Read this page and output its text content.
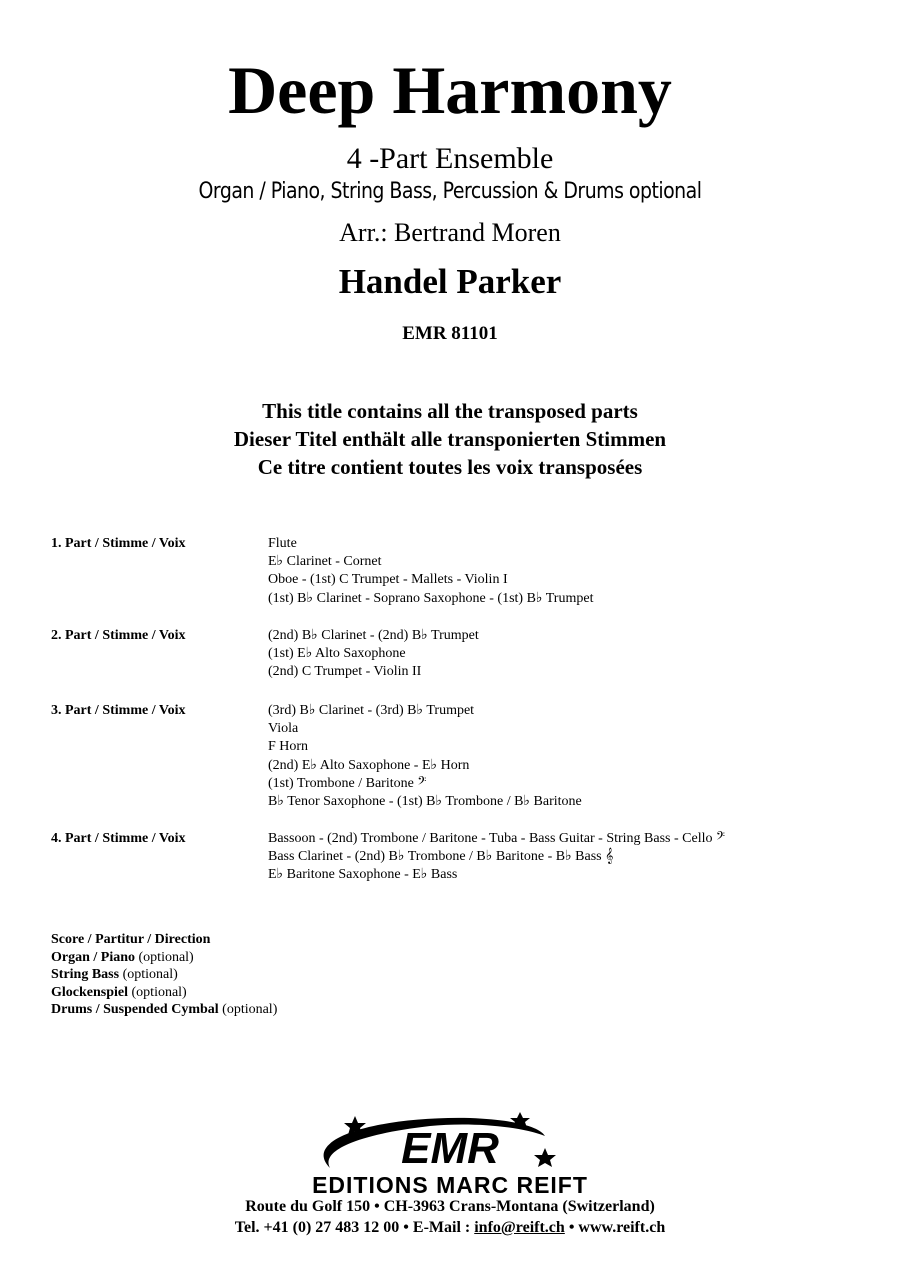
Deep Harmony
4 -Part Ensemble
Organ / Piano, String Bass, Percussion & Drums optional
Arr.: Bertrand Moren
Handel Parker
EMR 81101
This title contains all the transposed parts
Dieser Titel enthält alle transponierten Stimmen
Ce titre contient toutes les voix transposées
1. Part / Stimme / Voix	Flute
E♭ Clarinet - Cornet
Oboe - (1st) C Trumpet - Mallets - Violin I
(1st) B♭ Clarinet - Soprano Saxophone - (1st) B♭ Trumpet
2. Part / Stimme / Voix	(2nd) B♭ Clarinet - (2nd) B♭ Trumpet
(1st) E♭ Alto Saxophone
(2nd) C Trumpet - Violin II
3. Part / Stimme / Voix	(3rd) B♭ Clarinet - (3rd) B♭ Trumpet
Viola
F Horn
(2nd) E♭ Alto Saxophone - E♭ Horn
(1st) Trombone / Baritone 𝄢
B♭ Tenor Saxophone - (1st) B♭ Trombone / B♭ Baritone
4. Part / Stimme / Voix	Bassoon - (2nd) Trombone / Baritone - Tuba - Bass Guitar - String Bass - Cello 𝄢
Bass Clarinet - (2nd) B♭ Trombone / B♭ Baritone - B♭ Bass 𝄞
E♭ Baritone Saxophone - E♭ Bass
Score / Partitur / Direction
Organ / Piano (optional)
String Bass (optional)
Glockenspiel (optional)
Drums / Suspended Cymbal (optional)
EMR
EDITIONS MARC REIFT
Route du Golf 150 • CH-3963 Crans-Montana (Switzerland)
Tel. +41 (0) 27 483 12 00 • E-Mail : info@reift.ch • www.reift.ch
